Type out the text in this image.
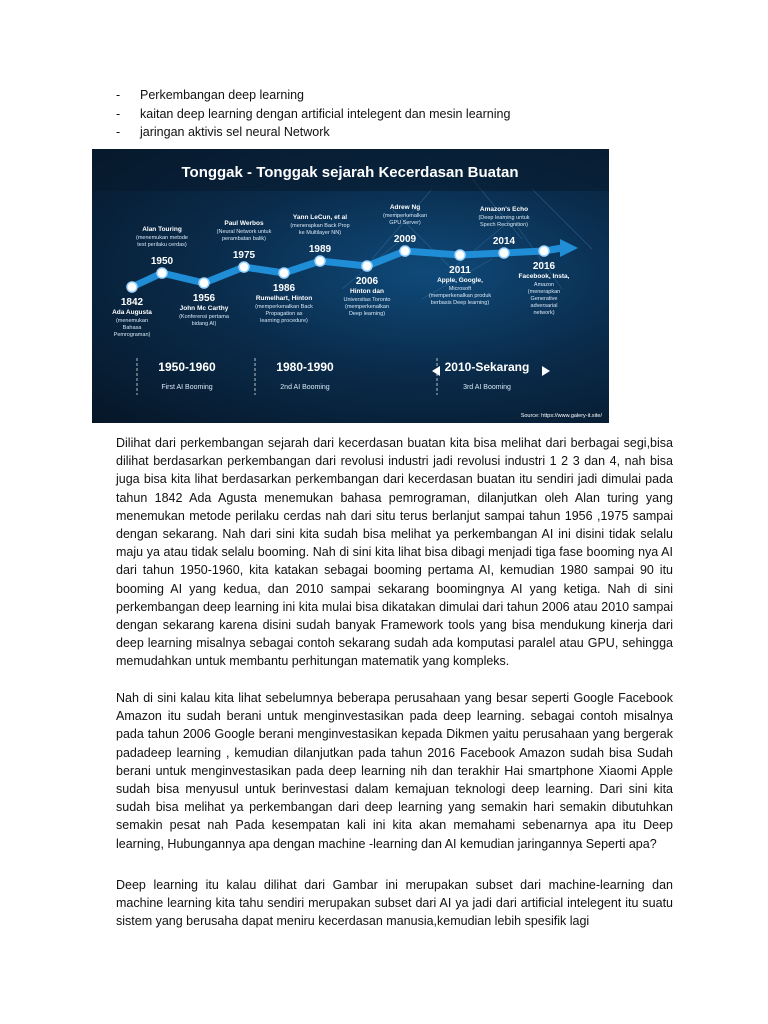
- Perkembangan deep learning
- kaitan deep learning dengan artificial intelegent dan mesin learning
- jaringan aktivis sel neural Network
Tonggak - Tonggak sejarah Kecerdasan Buatan
1842
Ada Augusta
(menemukan
Bahasa
Pemrograman)
Alan Touring
(menemukan metode
test perilaku cerdas)
1950
1956
John Mc Carthy
(Konferensi pertama
bidang AI)
Paul Werbos
(Neural Network untuk
perambatan balik)
1975
1986
Rumelhart, Hinton
(memperkenalkan Back
Propagation as
learning procedure)
Yann LeCun, et al
(menerapkan Back Prop
ke Multilayer NN)
1989
2006
Hinton dan
Universitas Toronto
(memperkenalkan
Deep learning)
Adrew Ng
(memperkenalkan
GPU Server)
2009
2011
Apple, Google,
Microsoft
(memperkenalkan produk
berbasis Deep learning)
Amazon's Echo
(Deep learning untuk
Spech Recognition)
2014
2016
Facebook, Insta,
Amazon
(menerapkan
Generative
adversarial
network)
1950-1960
First AI Booming
1980-1990
2nd AI Booming
2010-Sekarang
3rd AI Booming
Source: https://www.galery-it.site/

Dilihat dari perkembangan sejarah dari kecerdasan buatan kita bisa melihat dari berbagai segi,bisa dilihat berdasarkan perkembangan dari revolusi industri jadi revolusi industri 1 2 3 dan 4, nah bisa juga bisa kita lihat berdasarkan perkembangan dari kecerdasan buatan itu sendiri jadi dimulai pada tahun 1842 Ada Agusta menemukan bahasa pemrograman, dilanjutkan oleh Alan turing yang menemukan metode perilaku cerdas nah dari situ terus berlanjut sampai tahun 1956 ,1975 sampai dengan sekarang. Nah dari sini kita sudah bisa melihat ya perkembangan AI ini disini tidak selalu maju ya atau tidak selalu booming. Nah di sini kita lihat bisa dibagi menjadi tiga fase booming nya AI dari tahun 1950-1960, kita katakan sebagai booming pertama AI, kemudian 1980 sampai 90 itu booming AI yang kedua, dan 2010 sampai sekarang boomingnya AI yang ketiga. Nah di sini perkembangan deep learning ini kita mulai bisa dikatakan dimulai dari tahun 2006 atau 2010 sampai dengan sekarang karena disini sudah banyak Framework tools yang bisa mendukung kinerja dari deep learning misalnya sebagai contoh sekarang sudah ada komputasi paralel atau GPU, sehingga memudahkan untuk membantu perhitungan matematik yang kompleks.

Nah di sini kalau kita lihat sebelumnya beberapa perusahaan yang besar seperti Google Facebook Amazon itu sudah berani untuk menginvestasikan pada deep learning. sebagai contoh misalnya pada tahun 2006 Google berani menginvestasikan kepada Dikmen yaitu perusahaan yang bergerak padadeep learning , kemudian dilanjutkan pada tahun 2016 Facebook Amazon sudah bisa Sudah berani untuk menginvestasikan pada deep learning nih dan terakhir Hai smartphone Xiaomi Apple sudah bisa menyusul untuk berinvestasi dalam kemajuan teknologi deep learning. Dari sini kita sudah bisa melihat ya perkembangan dari deep learning yang semakin hari semakin dibutuhkan semakin pesat nah Pada kesempatan kali ini kita akan memahami sebenarnya apa itu Deep learning, Hubungannya apa dengan machine -learning dan AI kemudian jaringannya Seperti apa?

Deep learning itu kalau dilihat dari Gambar ini merupakan subset dari machine-learning dan machine learning kita tahu sendiri merupakan subset dari AI ya jadi dari artificial intelegent itu suatu sistem yang berusaha dapat meniru kecerdasan manusia,kemudian lebih spesifik lagi
